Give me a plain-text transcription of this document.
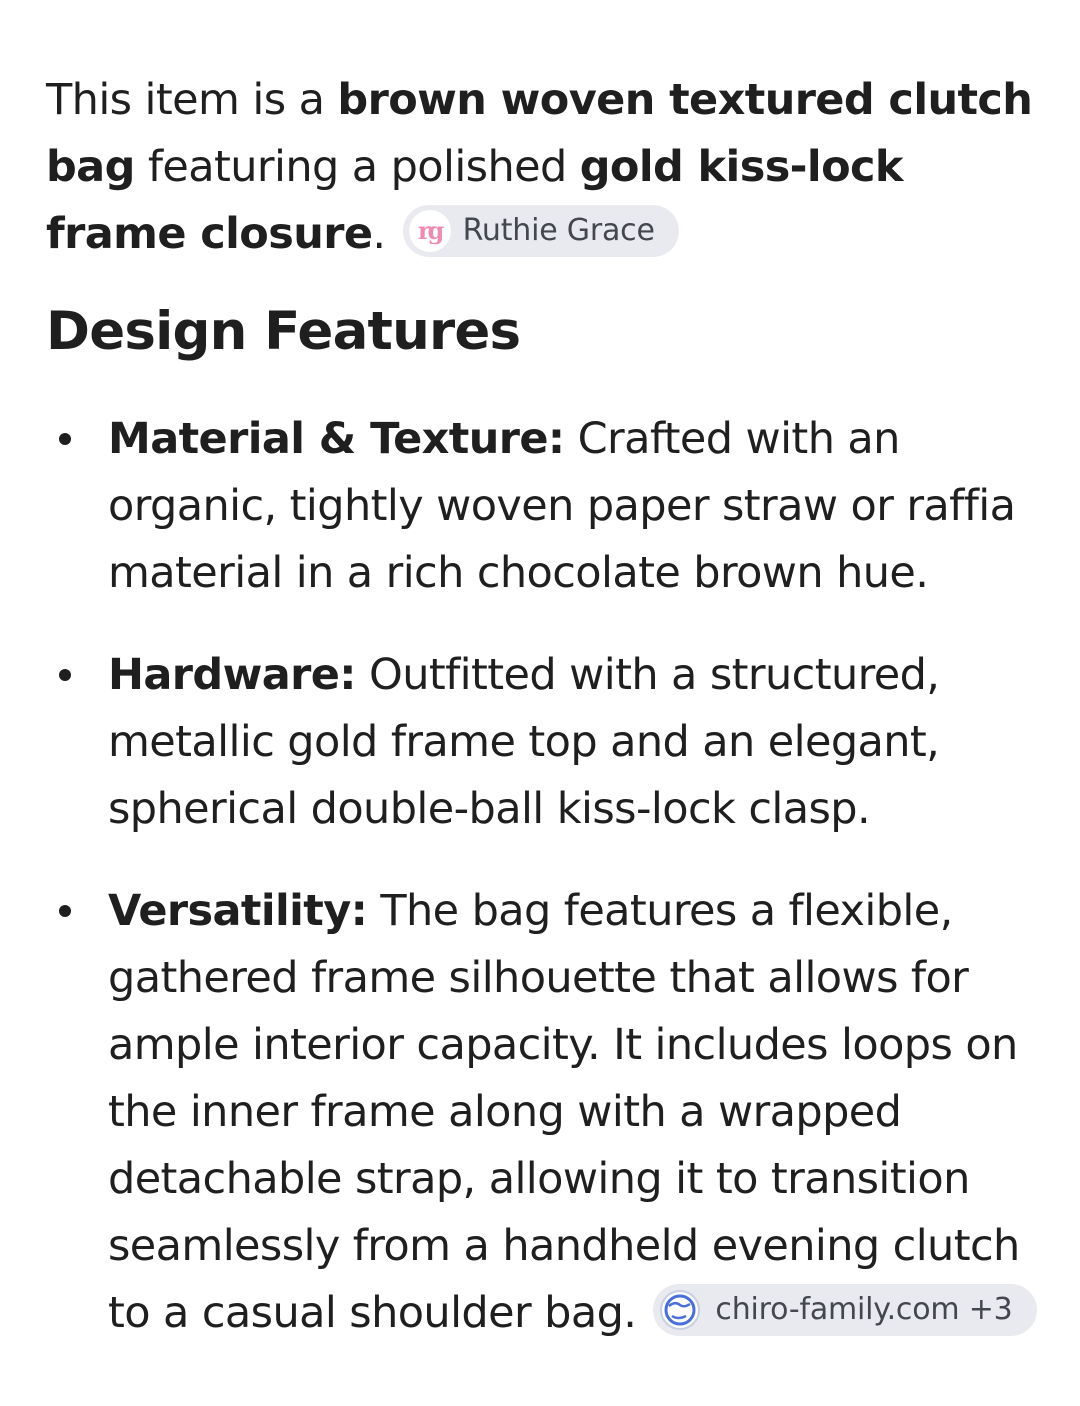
This item is a brown woven textured clutch bag featuring a polished gold kiss-lock frame closure.	rg Ruthie Grace

Design Features
Material & Texture: Crafted with an organic, tightly woven paper straw or raffia material in a rich chocolate brown hue.
Hardware: Outfitted with a structured, metallic gold frame top and an elegant, spherical double-ball kiss-lock clasp.
Versatility: The bag features a flexible, gathered frame silhouette that allows for ample interior capacity. It includes loops on the inner frame along with a wrapped detachable strap, allowing it to transition seamlessly from a handheld evening clutch to a casual shoulder bag. chiro-family.com +3
